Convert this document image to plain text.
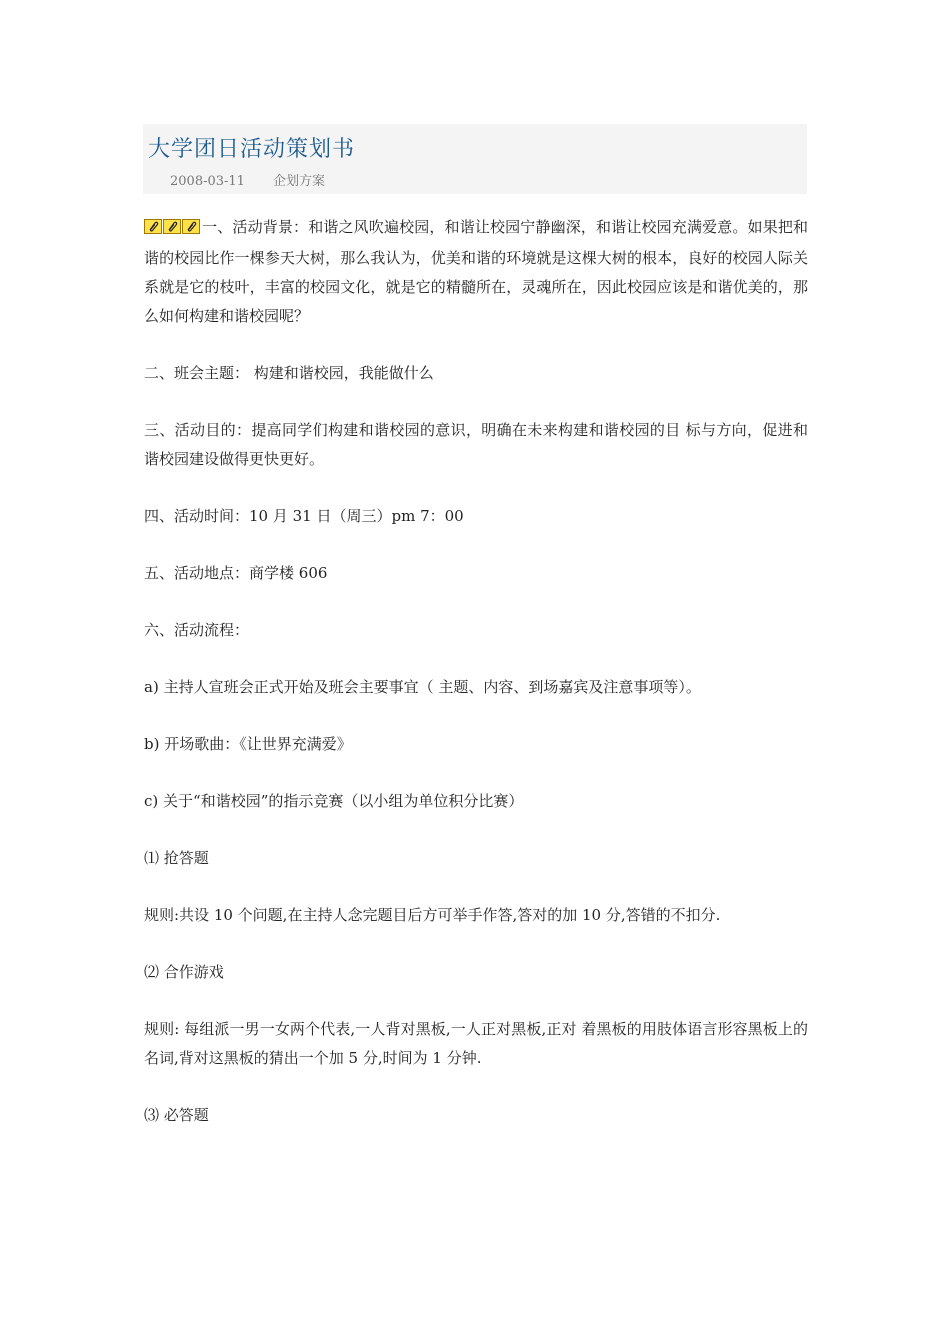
大学团日活动策划书
2008-03-11 企划方案

一、活动背景：和谐之风吹遍校园，和谐让校园宁静幽深，和谐让校园充满爱意。如果把和谐的校园比作一棵参天大树，那么我认为，优美和谐的环境就是这棵大树的根本，良好的校园人际关系就是它的枝叶，丰富的校园文化，就是它的精髓所在，灵魂所在，因此校园应该是和谐优美的，那么如何构建和谐校园呢？

二、班会主题： 构建和谐校园，我能做什么

三、活动目的：提高同学们构建和谐校园的意识，明确在未来构建和谐校园的目 标与方向，促进和谐校园建设做得更快更好。

四、活动时间：10 月 31 日（周三）pm 7：00

五、活动地点：商学楼 606

六、活动流程：

a) 主持人宣班会正式开始及班会主要事宜（ 主题、内容、到场嘉宾及注意事项等）。

b) 开场歌曲：《让世界充满爱》

c) 关于“和谐校园”的指示竞赛（以小组为单位积分比赛）

⑴ 抢答题

规则:共设 10 个问题,在主持人念完题目后方可举手作答,答对的加 10 分,答错的不扣分.

⑵ 合作游戏

规则: 每组派一男一女两个代表,一人背对黑板,一人正对黑板,正对 着黑板的用肢体语言形容黑板上的名词,背对这黑板的猜出一个加 5 分,时间为 1 分钟.

⑶ 必答题
